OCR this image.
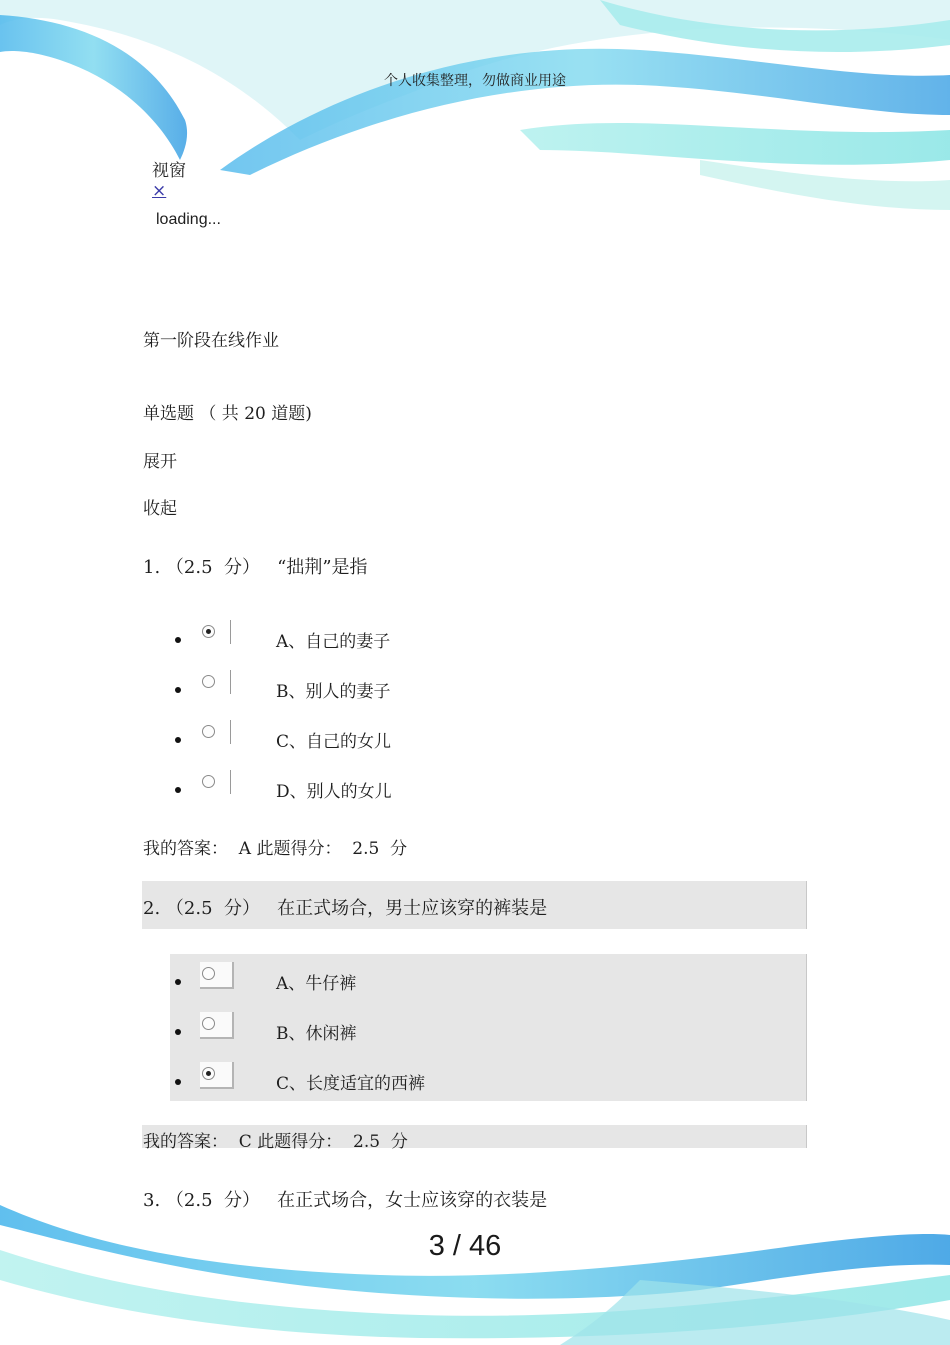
个人收集整理，勿做商业用途
视窗
×
loading...
第一阶段在线作业
单选题 （ 共 20 道题)
展开
收起
1. （2.5  分）   “拙荆”是指
A、自己的妻子
B、别人的妻子
C、自己的女儿
D、别人的女儿
我的答案：  A 此题得分：  2.5  分
2. （2.5  分）   在正式场合，男士应该穿的裤装是
A、牛仔裤
B、休闲裤
C、长度适宜的西裤
我的答案：  C 此题得分：  2.5  分
3. （2.5  分）   在正式场合，女士应该穿的衣装是
3 / 46
